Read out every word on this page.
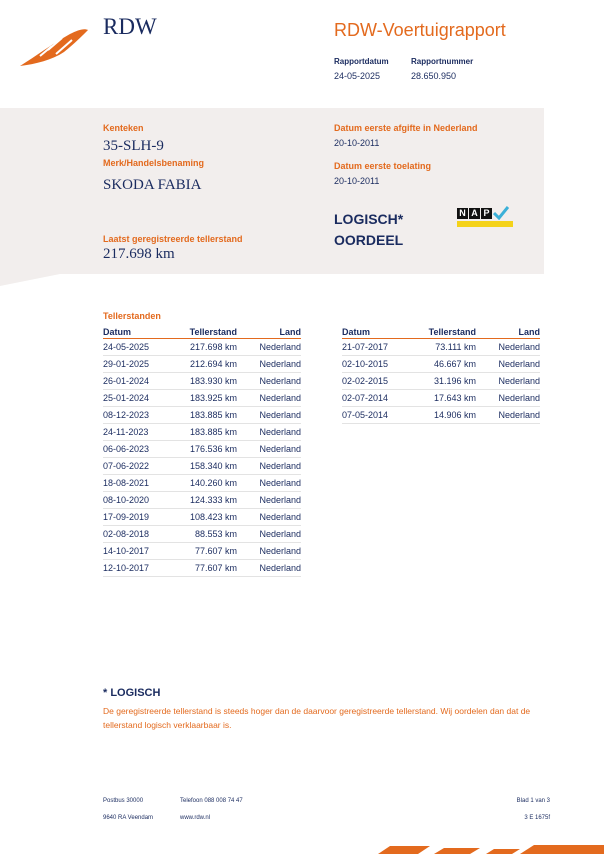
RDW	RDW-Voertuigrapport
Rapportdatum
24-05-2025
Rapportnummer
28.650.950
Kenteken
35-SLH-9
Merk/Handelsbenaming
SKODA FABIA
Laatst geregistreerde tellerstand
217.698 km
Datum eerste afgifte in Nederland
20-10-2011
Datum eerste toelating
20-10-2011
LOGISCH*
OORDEEL
N A P
Tellerstanden
Datum	Tellerstand	Land
24-05-2025	217.698 km	Nederland
29-01-2025	212.694 km	Nederland
26-01-2024	183.930 km	Nederland
25-01-2024	183.925 km	Nederland
08-12-2023	183.885 km	Nederland
24-11-2023	183.885 km	Nederland
06-06-2023	176.536 km	Nederland
07-06-2022	158.340 km	Nederland
18-08-2021	140.260 km	Nederland
08-10-2020	124.333 km	Nederland
17-09-2019	108.423 km	Nederland
02-08-2018	88.553 km	Nederland
14-10-2017	77.607 km	Nederland
12-10-2017	77.607 km	Nederland
Datum	Tellerstand	Land
21-07-2017	73.111 km	Nederland
02-10-2015	46.667 km	Nederland
02-02-2015	31.196 km	Nederland
02-07-2014	17.643 km	Nederland
07-05-2014	14.906 km	Nederland
* LOGISCH
De geregistreerde tellerstand is steeds hoger dan de daarvoor geregistreerde tellerstand. Wij oordelen dan dat de tellerstand logisch verklaarbaar is.
Postbus 30000
9640 RA Veendam
Telefoon 088 008 74 47
www.rdw.nl
Blad 1 van 3
3 E 1675f
